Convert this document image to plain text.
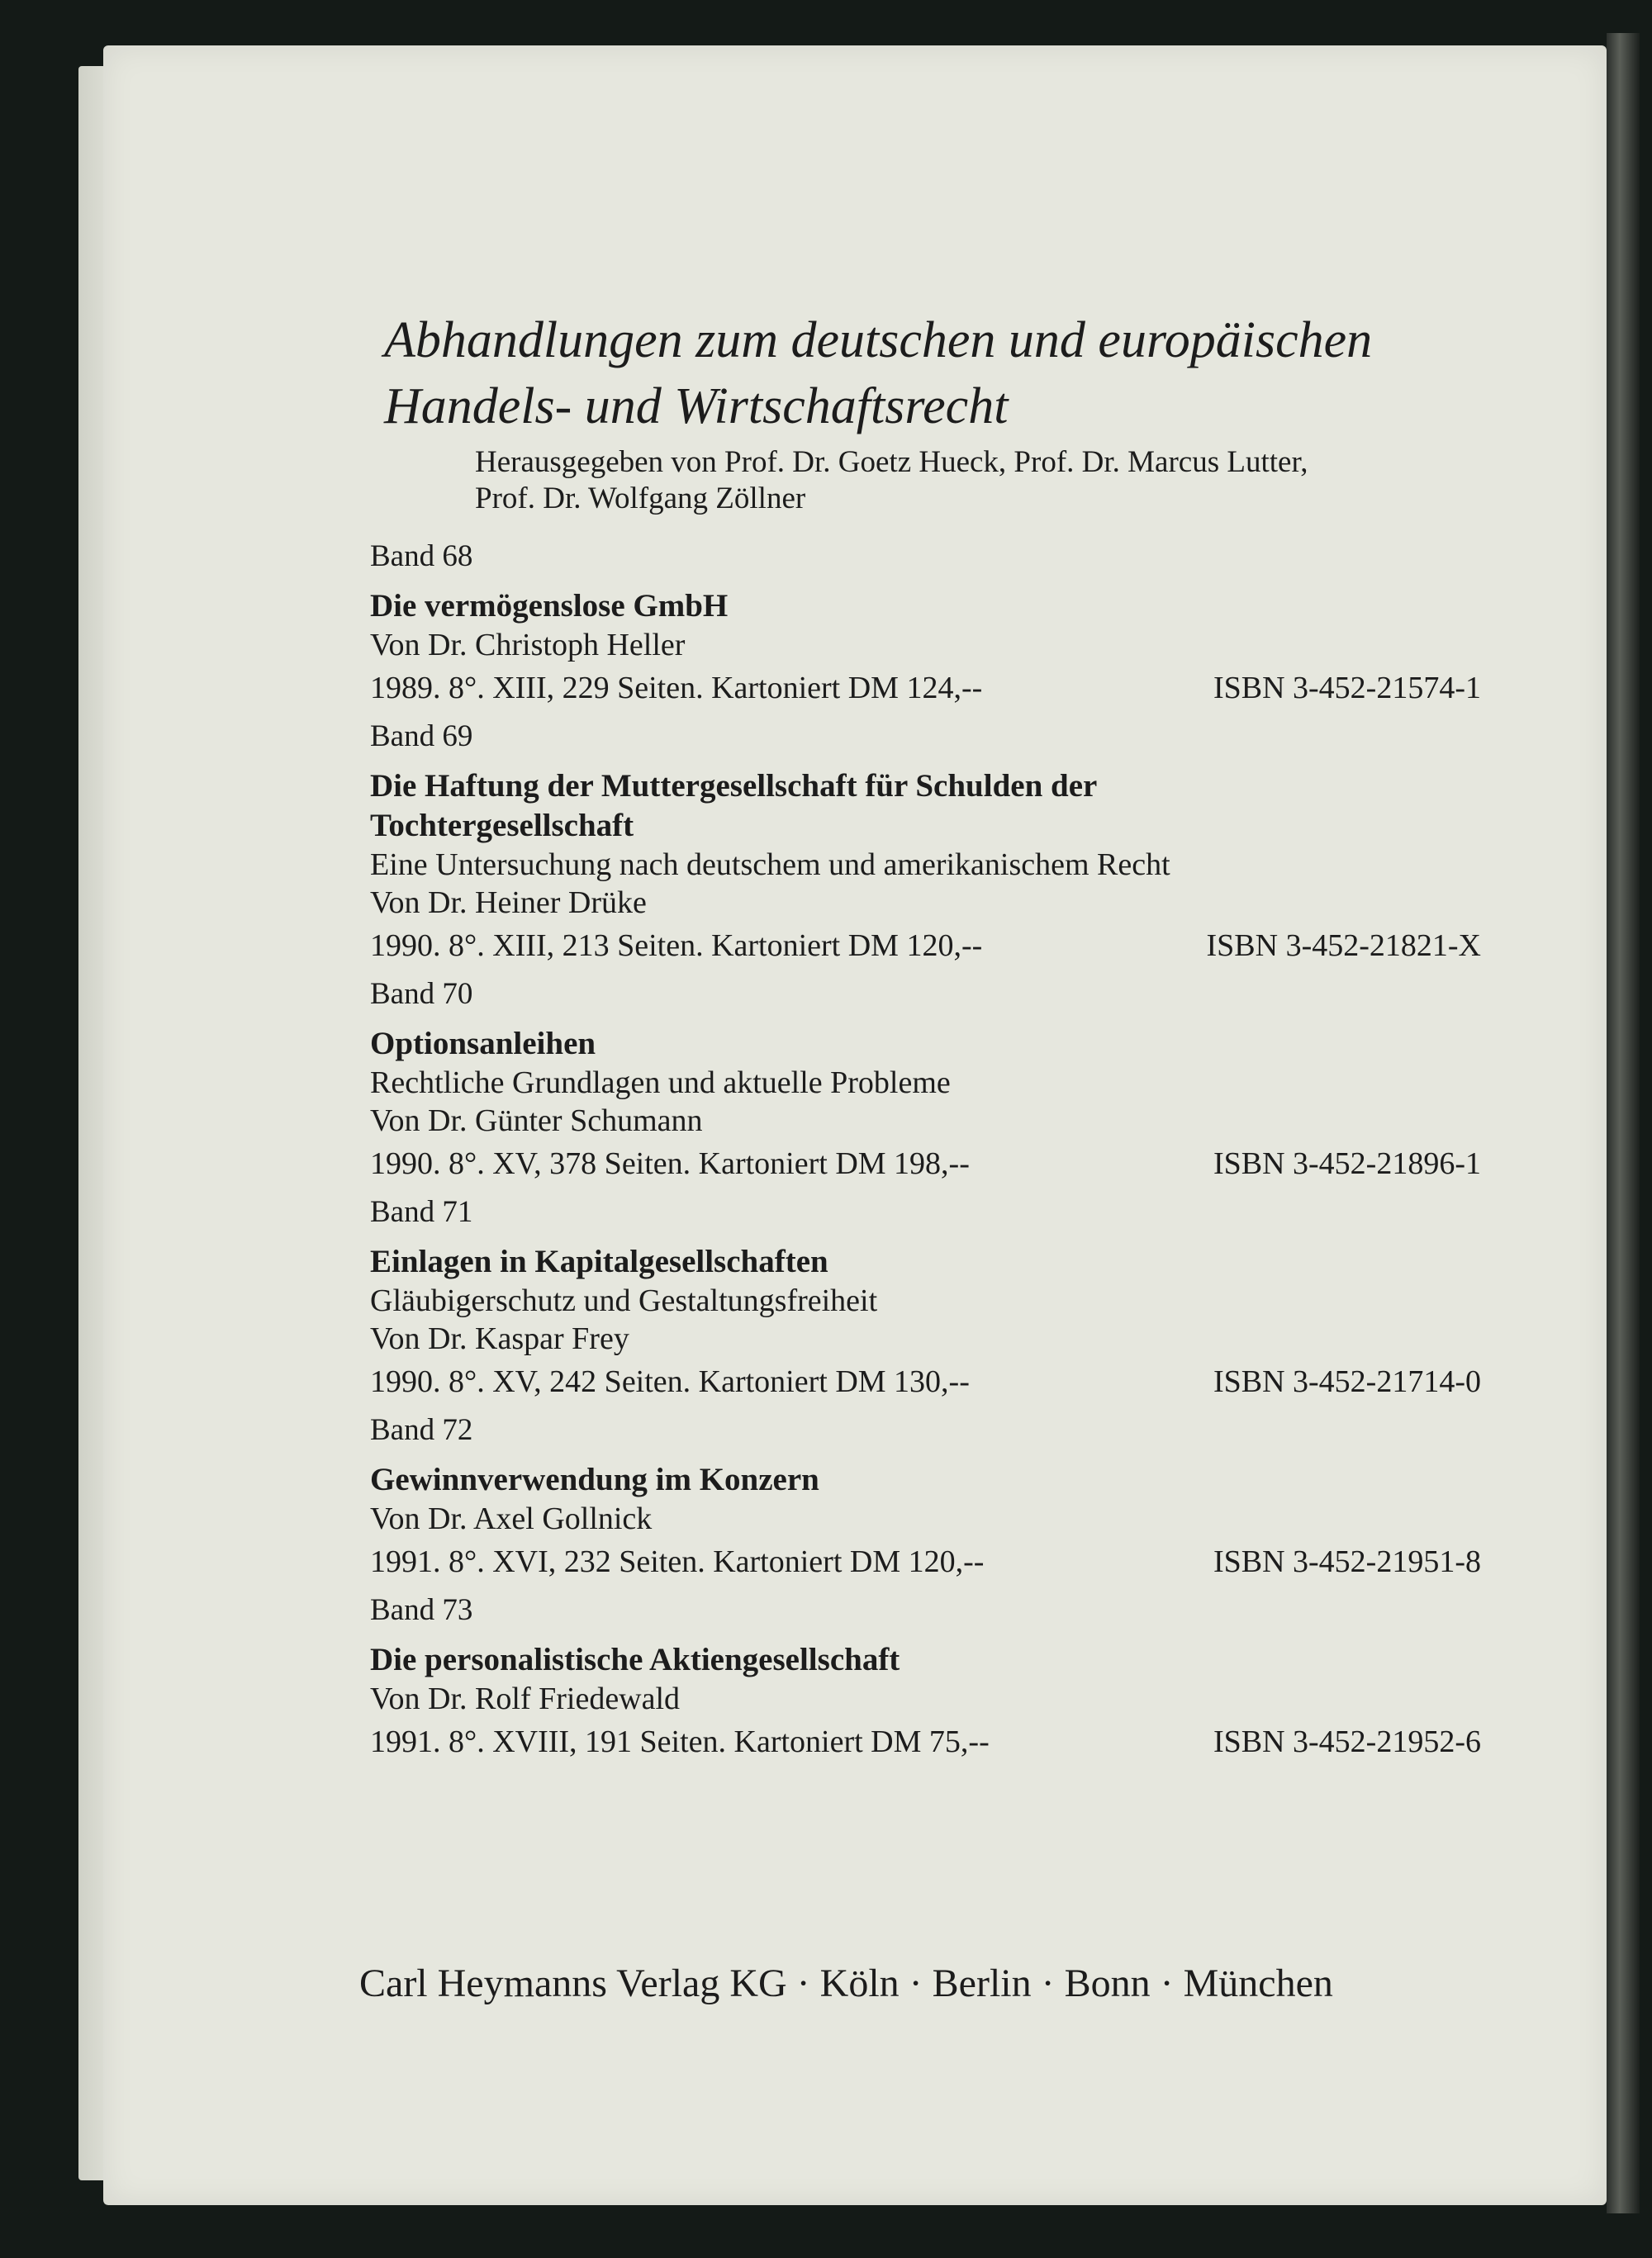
Abhandlungen zum deutschen und europäischen
Handels- und Wirtschaftsrecht
Herausgegeben von Prof. Dr. Goetz Hueck, Prof. Dr. Marcus Lutter,
Prof. Dr. Wolfgang Zöllner
Band 68
Die vermögenslose GmbH
Von Dr. Christoph Heller
1989. 8°. XIII, 229 Seiten. Kartoniert DM 124,--	ISBN 3-452-21574-1
Band 69
Die Haftung der Muttergesellschaft für Schulden der
Tochtergesellschaft
Eine Untersuchung nach deutschem und amerikanischem Recht
Von Dr. Heiner Drüke
1990. 8°. XIII, 213 Seiten. Kartoniert DM 120,--	ISBN 3-452-21821-X
Band 70
Optionsanleihen
Rechtliche Grundlagen und aktuelle Probleme
Von Dr. Günter Schumann
1990. 8°. XV, 378 Seiten. Kartoniert DM 198,--	ISBN 3-452-21896-1
Band 71
Einlagen in Kapitalgesellschaften
Gläubigerschutz und Gestaltungsfreiheit
Von Dr. Kaspar Frey
1990. 8°. XV, 242 Seiten. Kartoniert DM 130,--	ISBN 3-452-21714-0
Band 72
Gewinnverwendung im Konzern
Von Dr. Axel Gollnick
1991. 8°. XVI, 232 Seiten. Kartoniert DM 120,--	ISBN 3-452-21951-8
Band 73
Die personalistische Aktiengesellschaft
Von Dr. Rolf Friedewald
1991. 8°. XVIII, 191 Seiten. Kartoniert DM 75,--	ISBN 3-452-21952-6
Carl Heymanns Verlag KG · Köln · Berlin · Bonn · München
